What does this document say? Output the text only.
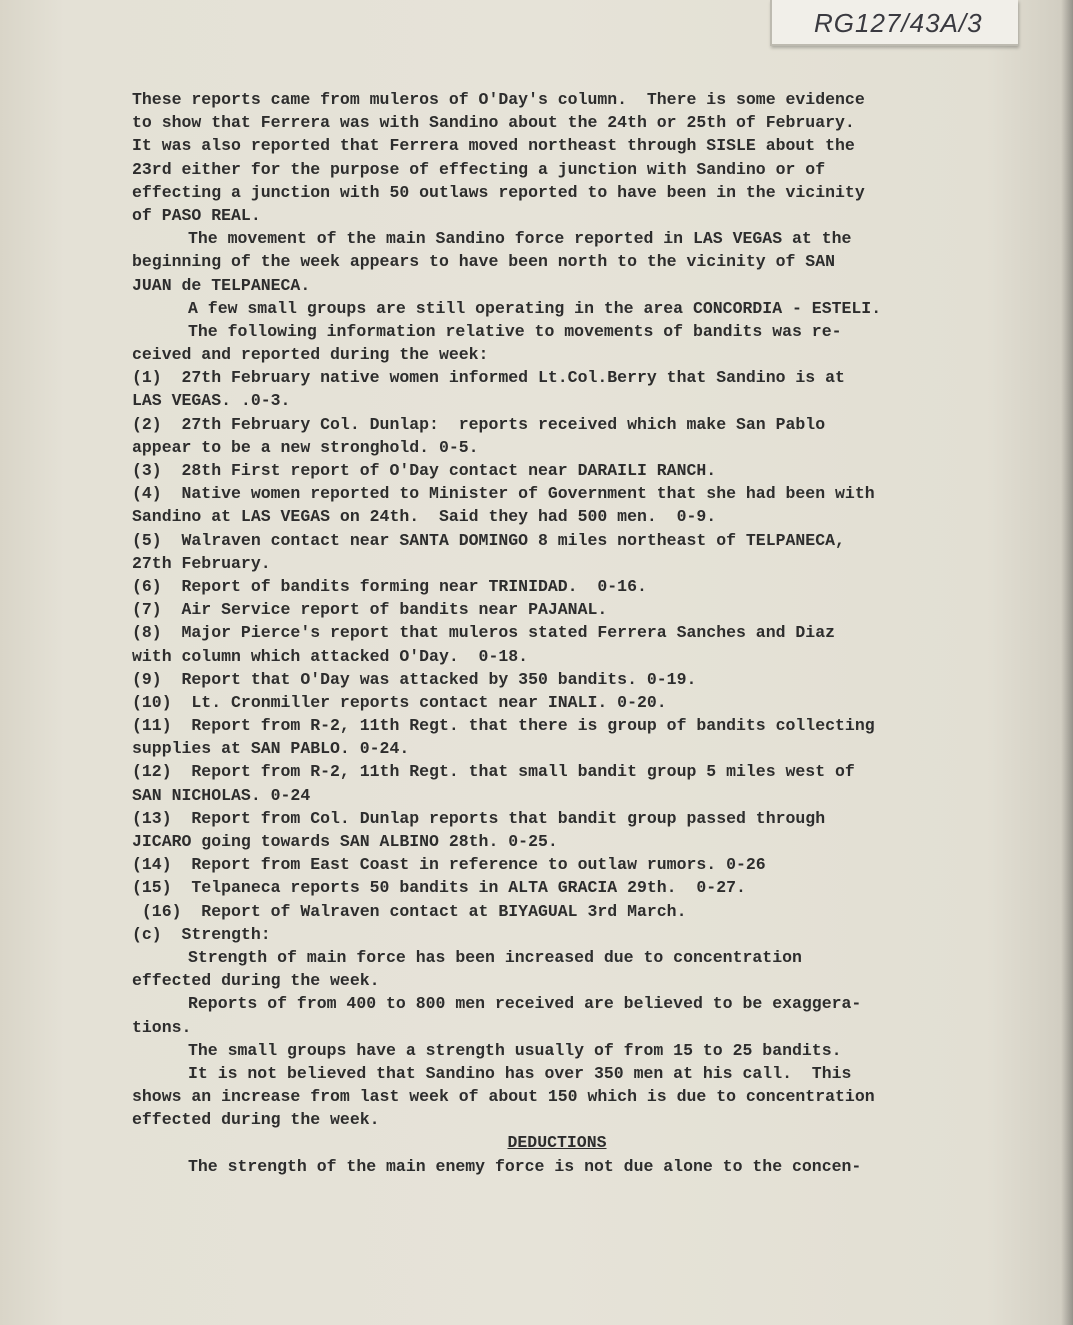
RG127/43A/3
These reports came from muleros of O'Day's column.  There is some evidence
to show that Ferrera was with Sandino about the 24th or 25th of February.
It was also reported that Ferrera moved northeast through SISLE about the
23rd either for the purpose of effecting a junction with Sandino or of
effecting a junction with 50 outlaws reported to have been in the vicinity
of PASO REAL.
The movement of the main Sandino force reported in LAS VEGAS at the
beginning of the week appears to have been north to the vicinity of SAN
JUAN de TELPANECA.
A few small groups are still operating in the area CONCORDIA - ESTELI.
The following information relative to movements of bandits was re-
ceived and reported during the week:
(1)  27th February native women informed Lt.Col.Berry that Sandino is at
LAS VEGAS. .0-3.
(2)  27th February Col. Dunlap:  reports received which make San Pablo
appear to be a new stronghold. 0-5.
(3)  28th First report of O'Day contact near DARAILI RANCH.
(4)  Native women reported to Minister of Government that she had been with
Sandino at LAS VEGAS on 24th.  Said they had 500 men.  0-9.
(5)  Walraven contact near SANTA DOMINGO 8 miles northeast of TELPANECA,
27th February.
(6)  Report of bandits forming near TRINIDAD.  0-16.
(7)  Air Service report of bandits near PAJANAL.
(8)  Major Pierce's report that muleros stated Ferrera Sanches and Diaz
with column which attacked O'Day.  0-18.
(9)  Report that O'Day was attacked by 350 bandits. 0-19.
(10)  Lt. Cronmiller reports contact near INALI. 0-20.
(11)  Report from R-2, 11th Regt. that there is group of bandits collecting
supplies at SAN PABLO. 0-24.
(12)  Report from R-2, 11th Regt. that small bandit group 5 miles west of
SAN NICHOLAS. 0-24
(13)  Report from Col. Dunlap reports that bandit group passed through
JICARO going towards SAN ALBINO 28th. 0-25.
(14)  Report from East Coast in reference to outlaw rumors. 0-26
(15)  Telpaneca reports 50 bandits in ALTA GRACIA 29th.  0-27.
(16)  Report of Walraven contact at BIYAGUAL 3rd March.
(c)  Strength:
Strength of main force has been increased due to concentration
effected during the week.
Reports of from 400 to 800 men received are believed to be exaggera-
tions.
The small groups have a strength usually of from 15 to 25 bandits.
It is not believed that Sandino has over 350 men at his call.  This
shows an increase from last week of about 150 which is due to concentration
effected during the week.
DEDUCTIONS
The strength of the main enemy force is not due alone to the concen-
